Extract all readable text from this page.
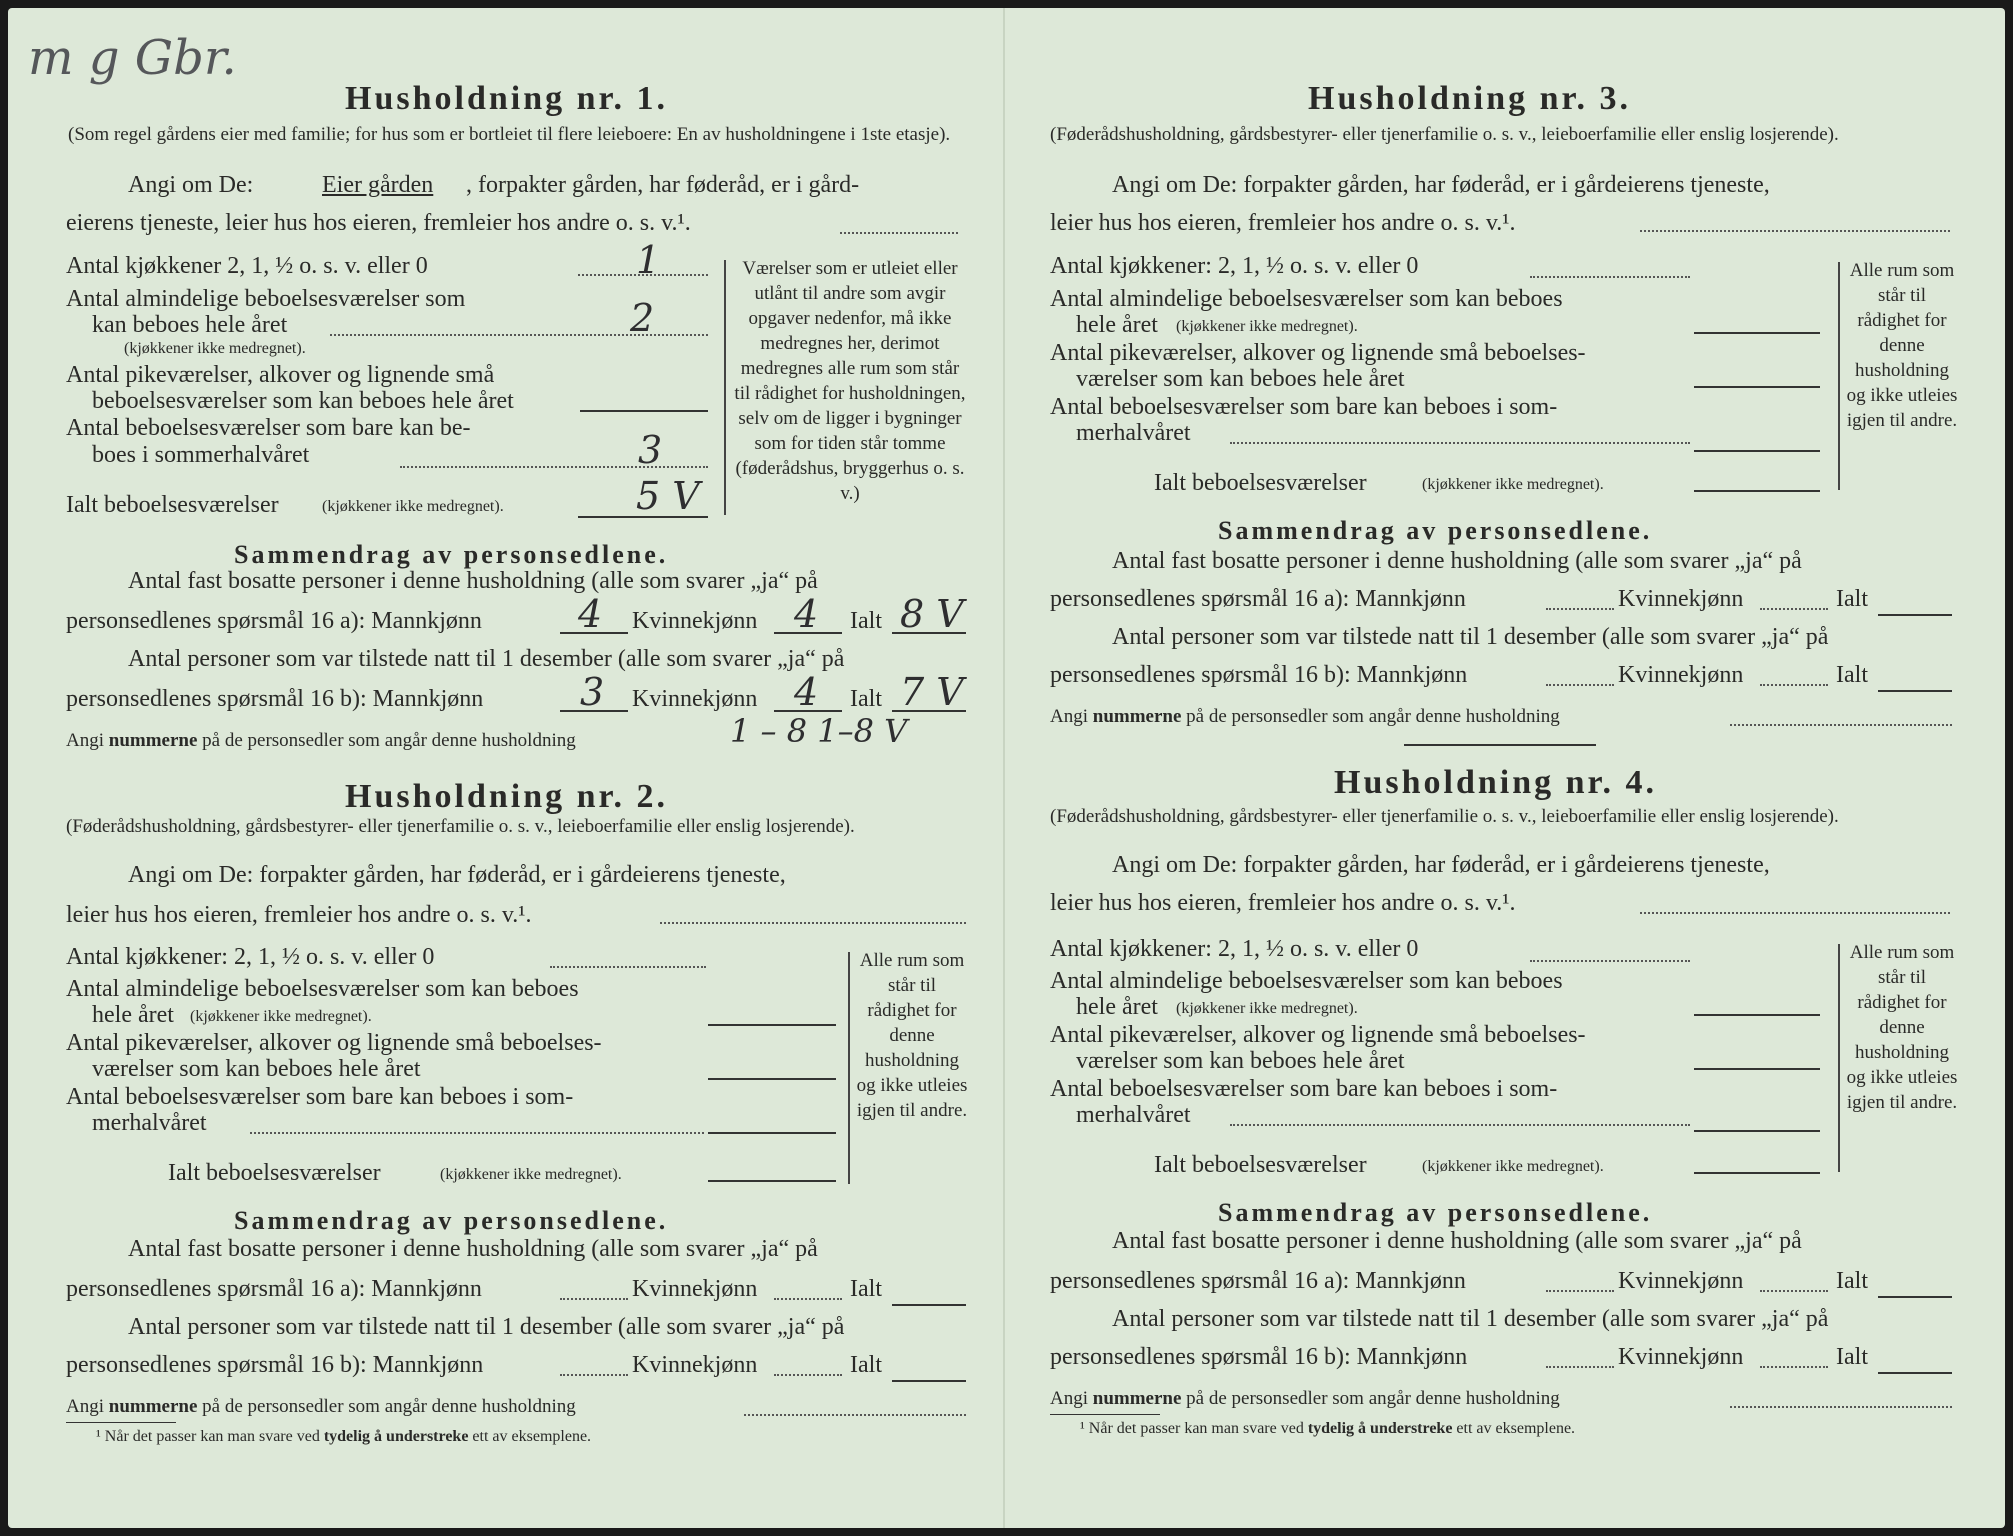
m g Gbr.
Husholdning nr. 1.
(Som regel gårdens eier med familie; for hus som er bortleiet til flere leieboere: En av husholdningene i 1ste etasje).
Angi om De:	Eier gården , forpakter gården, har føderåd, er i gård-
eierens tjeneste, leier hus hos eieren, fremleier hos andre o. s. v.¹.
Antal kjøkkener 2, 1, ½ o. s. v. eller 0	1
Antal almindelige beboelsesværelser som
kan beboes hele året	2
(kjøkkener ikke medregnet).
Antal pikeværelser, alkover og lignende små
beboelsesværelser som kan beboes hele året
Antal beboelsesværelser som bare kan be-
boes i sommerhalvåret	3
Ialt beboelsesværelser	(kjøkkener ikke medregnet).	5 V
Værelser som er utleiet eller utlånt til andre som avgir opgaver nedenfor, må ikke medregnes her, derimot medregnes alle rum som står til rådighet for husholdningen, selv om de ligger i bygninger som for tiden står tomme (føderådshus, bryggerhus o. s. v.)
Sammendrag av personsedlene.
Antal fast bosatte personer i denne husholdning (alle som svarer „ja“ på
personsedlenes spørsmål 16 a): Mannkjønn	4 Kvinnekjønn 4 Ialt 8 V
Antal personer som var tilstede natt til 1 desember (alle som svarer „ja“ på
personsedlenes spørsmål 16 b): Mannkjønn	3 Kvinnekjønn 4 Ialt 7 V
Angi nummerne på de personsedler som angår denne husholdning	1 – 8 1–8 V
Husholdning nr. 2.
(Føderådshusholdning, gårdsbestyrer- eller tjenerfamilie o. s. v., leieboerfamilie eller enslig losjerende).
Angi om De: forpakter gården, har føderåd, er i gårdeierens tjeneste,
leier hus hos eieren, fremleier hos andre o. s. v.¹.
Antal kjøkkener: 2, 1, ½ o. s. v. eller 0
Antal almindelige beboelsesværelser som kan beboes
hele året (kjøkkener ikke medregnet).
Antal pikeværelser, alkover og lignende små beboelses-
værelser som kan beboes hele året
Antal beboelsesværelser som bare kan beboes i som-
merhalvåret
Ialt beboelsesværelser	(kjøkkener ikke medregnet).
Alle rum som står til rådighet for denne husholdning og ikke utleies igjen til andre.
Sammendrag av personsedlene.
Antal fast bosatte personer i denne husholdning (alle som svarer „ja“ på
personsedlenes spørsmål 16 a): Mannkjønn	Kvinnekjønn	Ialt
Antal personer som var tilstede natt til 1 desember (alle som svarer „ja“ på
personsedlenes spørsmål 16 b): Mannkjønn	Kvinnekjønn	Ialt
Angi nummerne på de personsedler som angår denne husholdning
¹ Når det passer kan man svare ved tydelig å understreke ett av eksemplene.
Husholdning nr. 3.
(Føderådshusholdning, gårdsbestyrer- eller tjenerfamilie o. s. v., leieboerfamilie eller enslig losjerende).
Angi om De: forpakter gården, har føderåd, er i gårdeierens tjeneste,
leier hus hos eieren, fremleier hos andre o. s. v.¹.
Antal kjøkkener: 2, 1, ½ o. s. v. eller 0
Antal almindelige beboelsesværelser som kan beboes
hele året (kjøkkener ikke medregnet).
Antal pikeværelser, alkover og lignende små beboelses-
værelser som kan beboes hele året
Antal beboelsesværelser som bare kan beboes i som-
merhalvåret
Ialt beboelsesværelser	(kjøkkener ikke medregnet).
Alle rum som står til rådighet for denne husholdning og ikke utleies igjen til andre.
Sammendrag av personsedlene.
Antal fast bosatte personer i denne husholdning (alle som svarer „ja“ på
personsedlenes spørsmål 16 a): Mannkjønn	Kvinnekjønn	Ialt
Antal personer som var tilstede natt til 1 desember (alle som svarer „ja“ på
personsedlenes spørsmål 16 b): Mannkjønn	Kvinnekjønn	Ialt
Angi nummerne på de personsedler som angår denne husholdning
Husholdning nr. 4.
(Føderådshusholdning, gårdsbestyrer- eller tjenerfamilie o. s. v., leieboerfamilie eller enslig losjerende).
Angi om De: forpakter gården, har føderåd, er i gårdeierens tjeneste,
leier hus hos eieren, fremleier hos andre o. s. v.¹.
Antal kjøkkener: 2, 1, ½ o. s. v. eller 0
Antal almindelige beboelsesværelser som kan beboes
hele året (kjøkkener ikke medregnet).
Antal pikeværelser, alkover og lignende små beboelses-
værelser som kan beboes hele året
Antal beboelsesværelser som bare kan beboes i som-
merhalvåret
Ialt beboelsesværelser	(kjøkkener ikke medregnet).
Alle rum som står til rådighet for denne husholdning og ikke utleies igjen til andre.
Sammendrag av personsedlene.
Antal fast bosatte personer i denne husholdning (alle som svarer „ja“ på
personsedlenes spørsmål 16 a): Mannkjønn	Kvinnekjønn	Ialt
Antal personer som var tilstede natt til 1 desember (alle som svarer „ja“ på
personsedlenes spørsmål 16 b): Mannkjønn	Kvinnekjønn	Ialt
Angi nummerne på de personsedler som angår denne husholdning
¹ Når det passer kan man svare ved tydelig å understreke ett av eksemplene.
